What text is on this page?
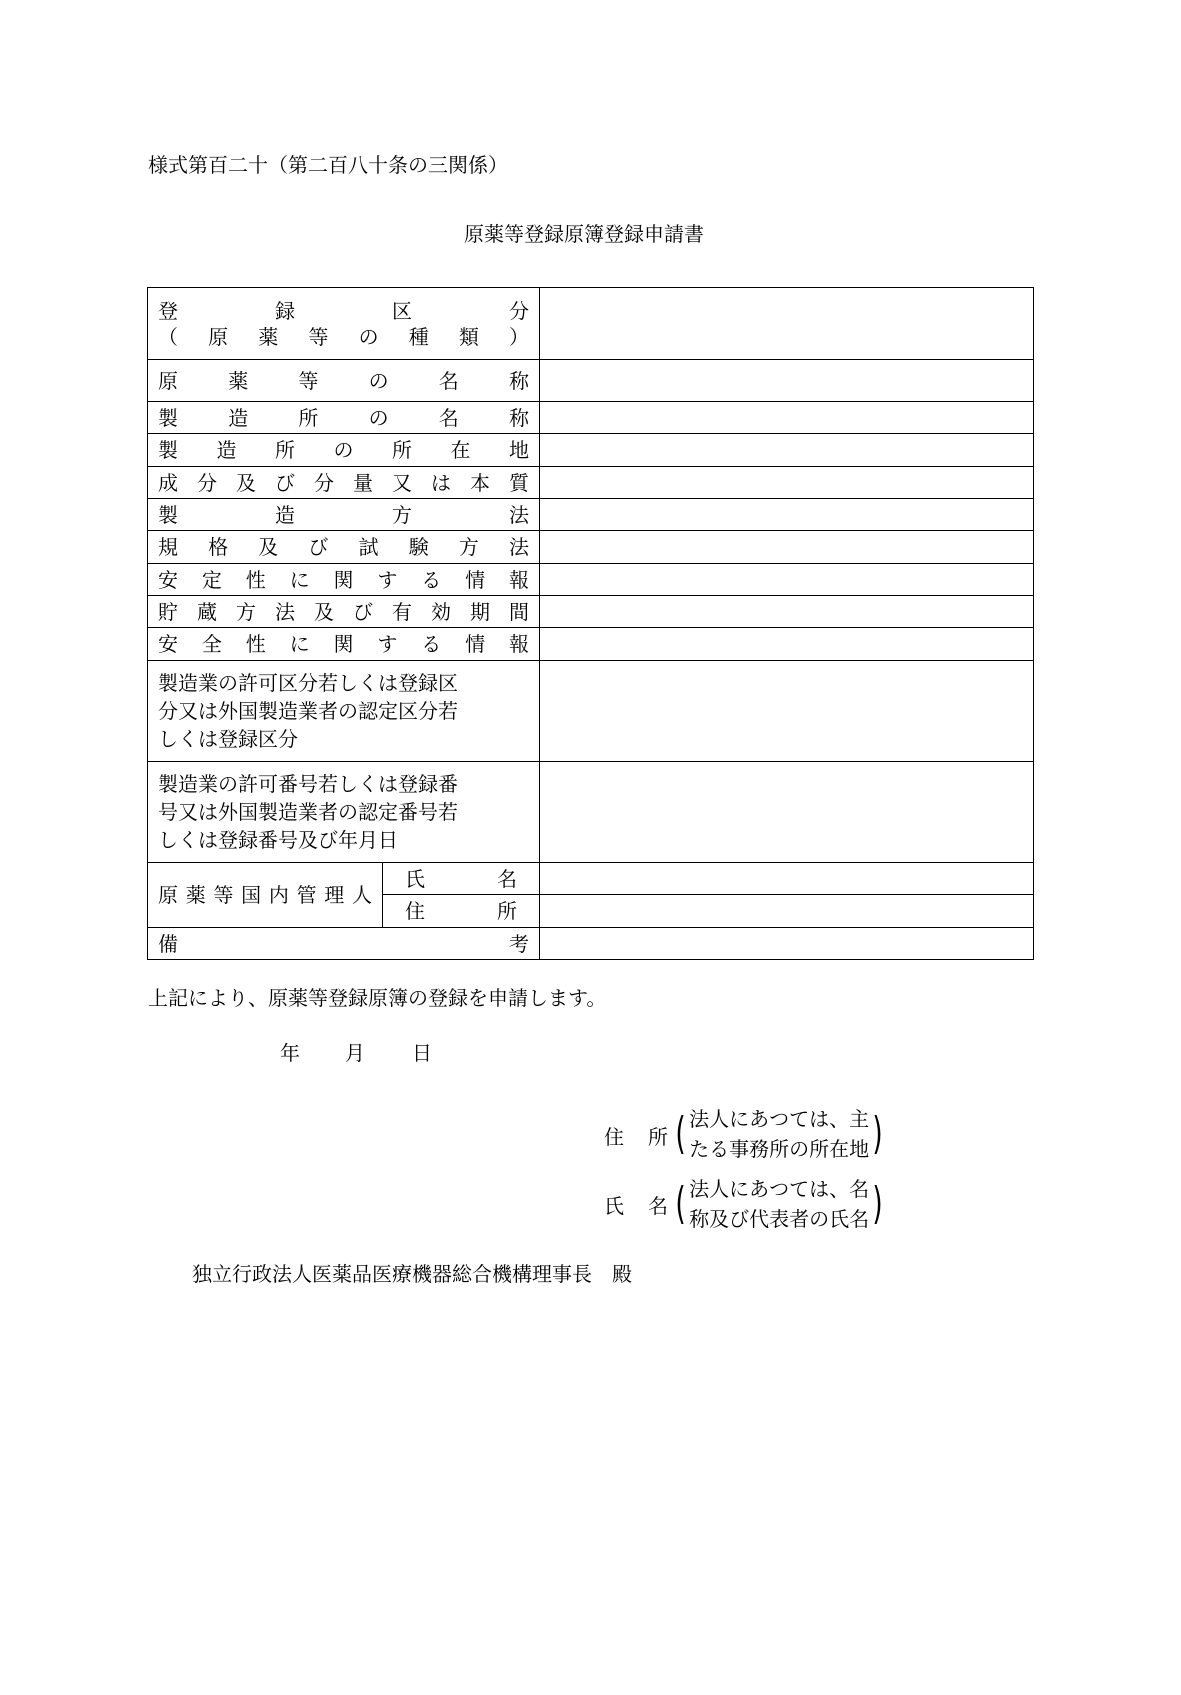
様式第百二十（第二百八十条の三関係）
原薬等登録原簿登録申請書
登録区分
（原薬等の種類）		

原薬等の名称		

製造所の名称		

製造所の所在地		

成分及び分量又は本質		

製造方法		

規格及び試験方法		

安定性に関する情報		

貯蔵方法及び有効期間		

安全性に関する情報		

製造業の許可区分若しくは登録区
分又は外国製造業者の認定区分若
しくは登録区分		

製造業の許可番号若しくは登録番
号又は外国製造業者の認定番号若
しくは登録番号及び年月日		

原薬等国内管理人	氏名	

	住所	

備考		

上記により、原薬等登録原簿の登録を申請します。
年 月 日
住所 ( 法人にあつては、主
たる事務所の所在地 )
氏名 ( 法人にあつては、名
称及び代表者の氏名 )
独立行政法人医薬品医療機器総合機構理事長　殿
